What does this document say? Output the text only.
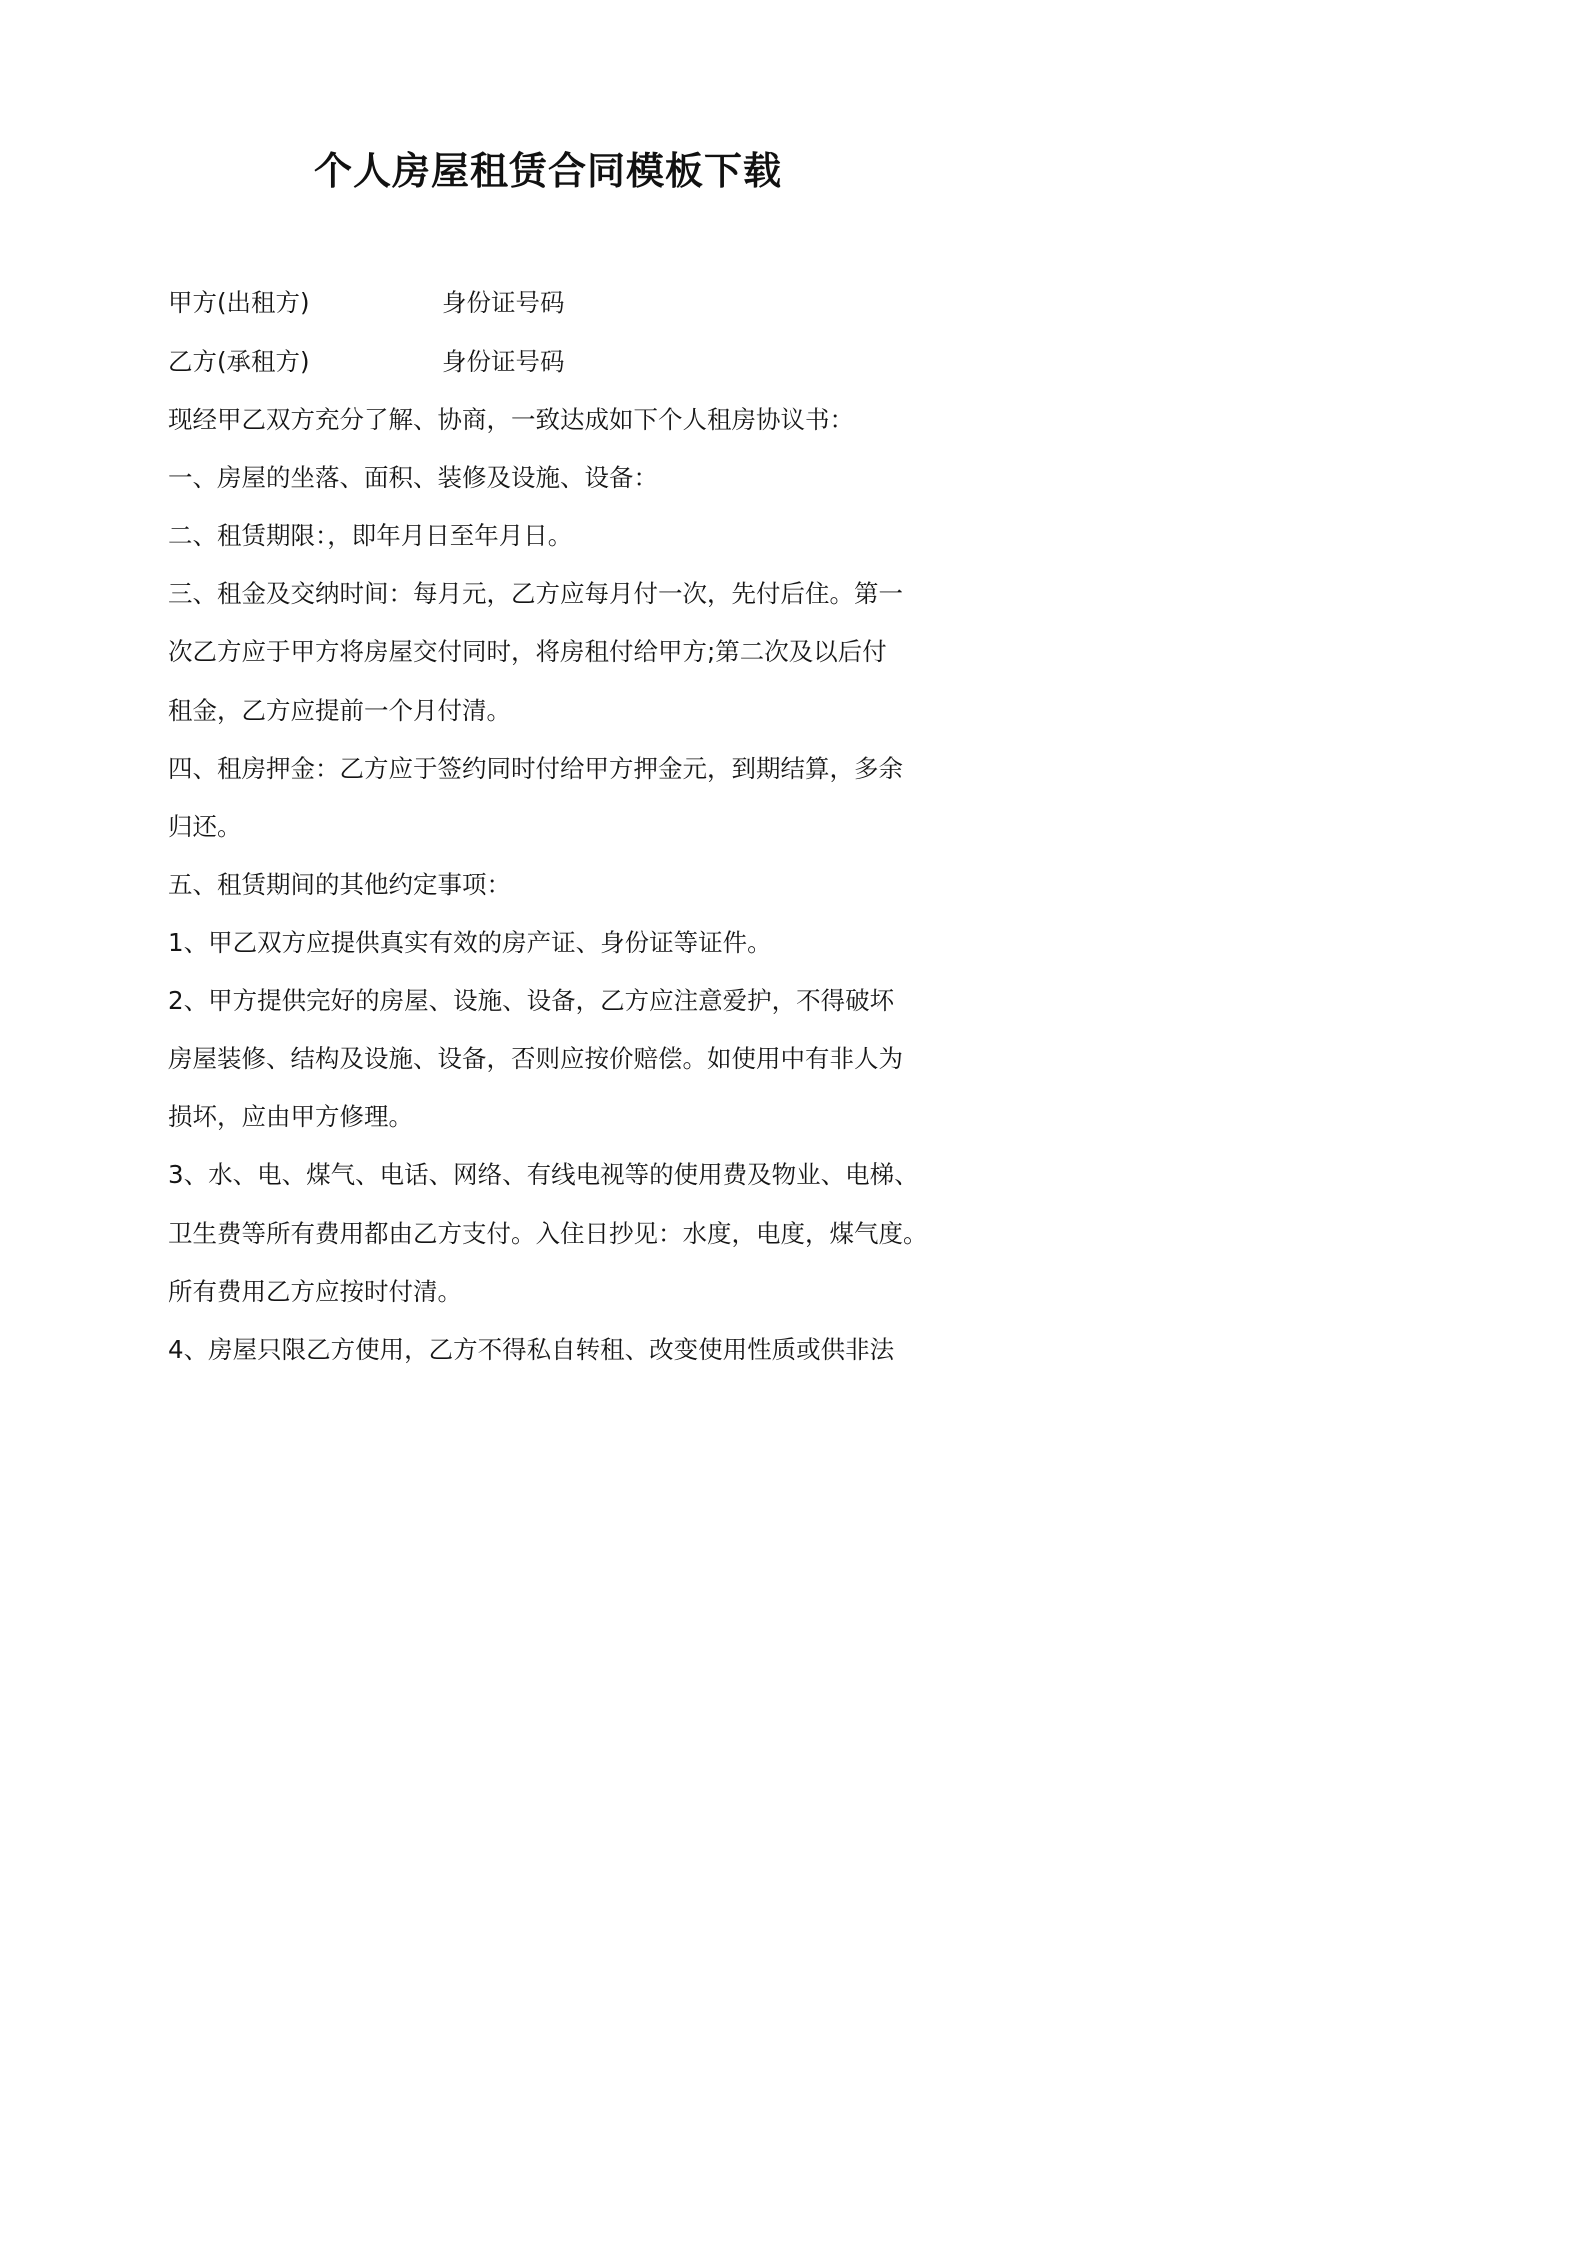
个人房屋租赁合同模板下载
甲方(出租方)	身份证号码
乙方(承租方)	身份证号码
现经甲乙双方充分了解、协商，一致达成如下个人租房协议书：
一、房屋的坐落、面积、装修及设施、设备：
二、租赁期限：，即年月日至年月日。
三、租金及交纳时间：每月元，乙方应每月付一次，先付后住。第一
次乙方应于甲方将房屋交付同时，将房租付给甲方;第二次及以后付
租金，乙方应提前一个月付清。
四、租房押金：乙方应于签约同时付给甲方押金元，到期结算，多余
归还。
五、租赁期间的其他约定事项：
1、甲乙双方应提供真实有效的房产证、身份证等证件。
2、甲方提供完好的房屋、设施、设备，乙方应注意爱护，不得破坏
房屋装修、结构及设施、设备，否则应按价赔偿。如使用中有非人为
损坏，应由甲方修理。
3、水、电、煤气、电话、网络、有线电视等的使用费及物业、电梯、
卫生费等所有费用都由乙方支付。入住日抄见：水度，电度，煤气度。
所有费用乙方应按时付清。
4、房屋只限乙方使用，乙方不得私自转租、改变使用性质或供非法
